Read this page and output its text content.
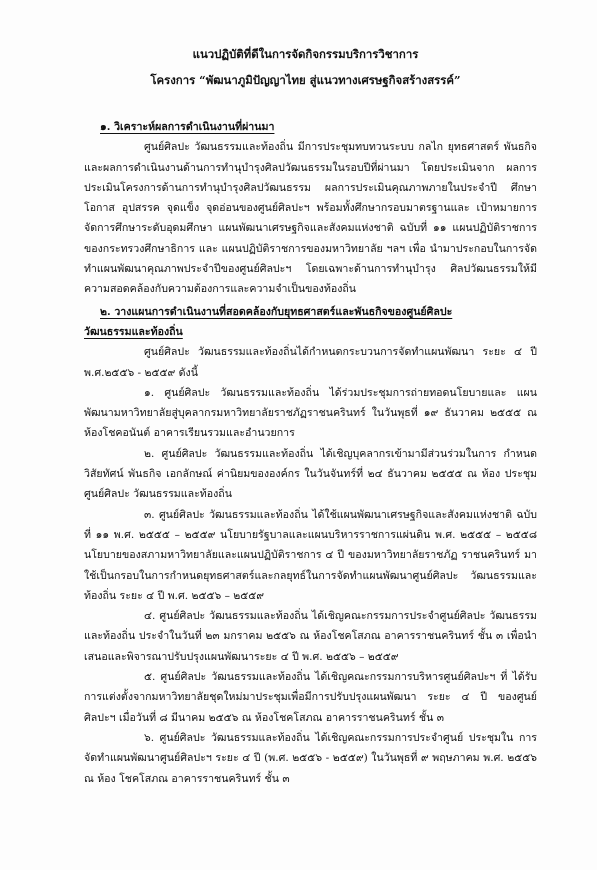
แนวปฏิบัติที่ดีในการจัดกิจกรรมบริการวิชาการ
โครงการ “พัฒนาภูมิปัญญาไทย สู่แนวทางเศรษฐกิจสร้างสรรค์”
๑. วิเคราะห์ผลการดำเนินงานที่ผ่านมา

ศูนย์ศิลปะ วัฒนธรรมและท้องถิ่น มีการประชุมทบทวนระบบ กลไก ยุทธศาสตร์ พันธกิจ และผลการดำเนินงานด้านการทำนุบำรุงศิลปวัฒนธรรมในรอบปีที่ผ่านมา โดยประเมินจาก ผลการประเมินโครงการด้านการทำนุบำรุงศิลปวัฒนธรรม ผลการประเมินคุณภาพภายในประจำปี ศึกษาโอกาส อุปสรรค จุดแข็ง จุดอ่อนของศูนย์ศิลปะฯ พร้อมทั้งศึกษากรอบมาตรฐานและ เป้าหมายการจัดการศึกษาระดับอุดมศึกษา แผนพัฒนาเศรษฐกิจและสังคมแห่งชาติ ฉบับที่ ๑๑ แผนปฏิบัติราชการของกระทรวงศึกษาธิการ และ แผนปฏิบัติราชการของมหาวิทยาลัย ฯลฯ เพื่อ นำมาประกอบในการจัดทำแผนพัฒนาคุณภาพประจำปีของศูนย์ศิลปะฯ โดยเฉพาะด้านการทำนุบำรุง ศิลปวัฒนธรรมให้มีความสอดคล้องกับความต้องการและความจำเป็นของท้องถิ่น

๒. วางแผนการดำเนินงานที่สอดคล้องกับยุทธศาสตร์และพันธกิจของศูนย์ศิลปะ
วัฒนธรรมและท้องถิ่น

ศูนย์ศิลปะ วัฒนธรรมและท้องถิ่นได้กำหนดกระบวนการจัดทำแผนพัฒนา ระยะ ๔ ปี พ.ศ.๒๕๕๖ - ๒๕๕๙ ดังนี้

๑. ศูนย์ศิลปะ วัฒนธรรมและท้องถิ่น ได้ร่วมประชุมการถ่ายทอดนโยบายและ แผนพัฒนามหาวิทยาลัยสู่บุคลากรมหาวิทยาลัยราชภัฏราชนครินทร์ ในวันพุธที่ ๑๙ ธันวาคม ๒๕๕๕ ณ ห้องโชคอนันต์ อาคารเรียนรวมและอำนวยการ

๒. ศูนย์ศิลปะ วัฒนธรรมและท้องถิ่น ได้เชิญบุคลากรเข้ามามีส่วนร่วมในการ กำหนดวิสัยทัศน์ พันธกิจ เอกลักษณ์ ค่านิยมขององค์กร ในวันจันทร์ที่ ๒๔ ธันวาคม ๒๕๕๕ ณ ห้อง ประชุมศูนย์ศิลปะ วัฒนธรรมและท้องถิ่น

๓. ศูนย์ศิลปะ วัฒนธรรมและท้องถิ่น ได้ใช้แผนพัฒนาเศรษฐกิจและสังคมแห่งชาติ ฉบับที่ ๑๑ พ.ศ. ๒๕๕๕ – ๒๕๕๙ นโยบายรัฐบาลและแผนบริหารราชการแผ่นดิน พ.ศ. ๒๕๕๕ – ๒๕๕๘ นโยบายของสภามหาวิทยาลัยและแผนปฏิบัติราชการ ๔ ปี ของมหาวิทยาลัยราชภัฏ ราชนครินทร์ มาใช้เป็นกรอบในการกำหนดยุทธศาสตร์และกลยุทธ์ในการจัดทำแผนพัฒนาศูนย์ศิลปะ วัฒนธรรมและท้องถิ่น ระยะ ๔ ปี พ.ศ. ๒๕๕๖ – ๒๕๕๙

๔. ศูนย์ศิลปะ วัฒนธรรมและท้องถิ่น ได้เชิญคณะกรรมการประจำศูนย์ศิลปะ วัฒนธรรมและท้องถิ่น ประจำในวันที่ ๒๓ มกราคม ๒๕๕๖ ณ ห้องโชคโสภณ อาคารราชนครินทร์ ชั้น ๓ เพื่อนำเสนอและพิจารณาปรับปรุงแผนพัฒนาระยะ ๔ ปี พ.ศ. ๒๕๕๖ – ๒๕๕๙

๕. ศูนย์ศิลปะ วัฒนธรรมและท้องถิ่น ได้เชิญคณะกรรมการบริหารศูนย์ศิลปะฯ ที่ ได้รับการแต่งตั้งจากมหาวิทยาลัยชุดใหม่มาประชุมเพื่อมีการปรับปรุงแผนพัฒนา ระยะ ๔ ปี ของศูนย์ ศิลปะฯ เมื่อวันที่ ๘ มีนาคม ๒๕๕๖ ณ ห้องโชคโสภณ อาคารราชนครินทร์ ชั้น ๓

๖. ศูนย์ศิลปะ วัฒนธรรมและท้องถิ่น ได้เชิญคณะกรรมการประจำศูนย์ ประชุมใน การจัดทำแผนพัฒนาศูนย์ศิลปะฯ ระยะ ๔ ปี (พ.ศ. ๒๕๕๖ - ๒๕๕๙) ในวันพุธที่ ๙ พฤษภาคม พ.ศ. ๒๕๕๖ ณ ห้อง โชคโสภณ อาคารราชนครินทร์ ชั้น ๓
